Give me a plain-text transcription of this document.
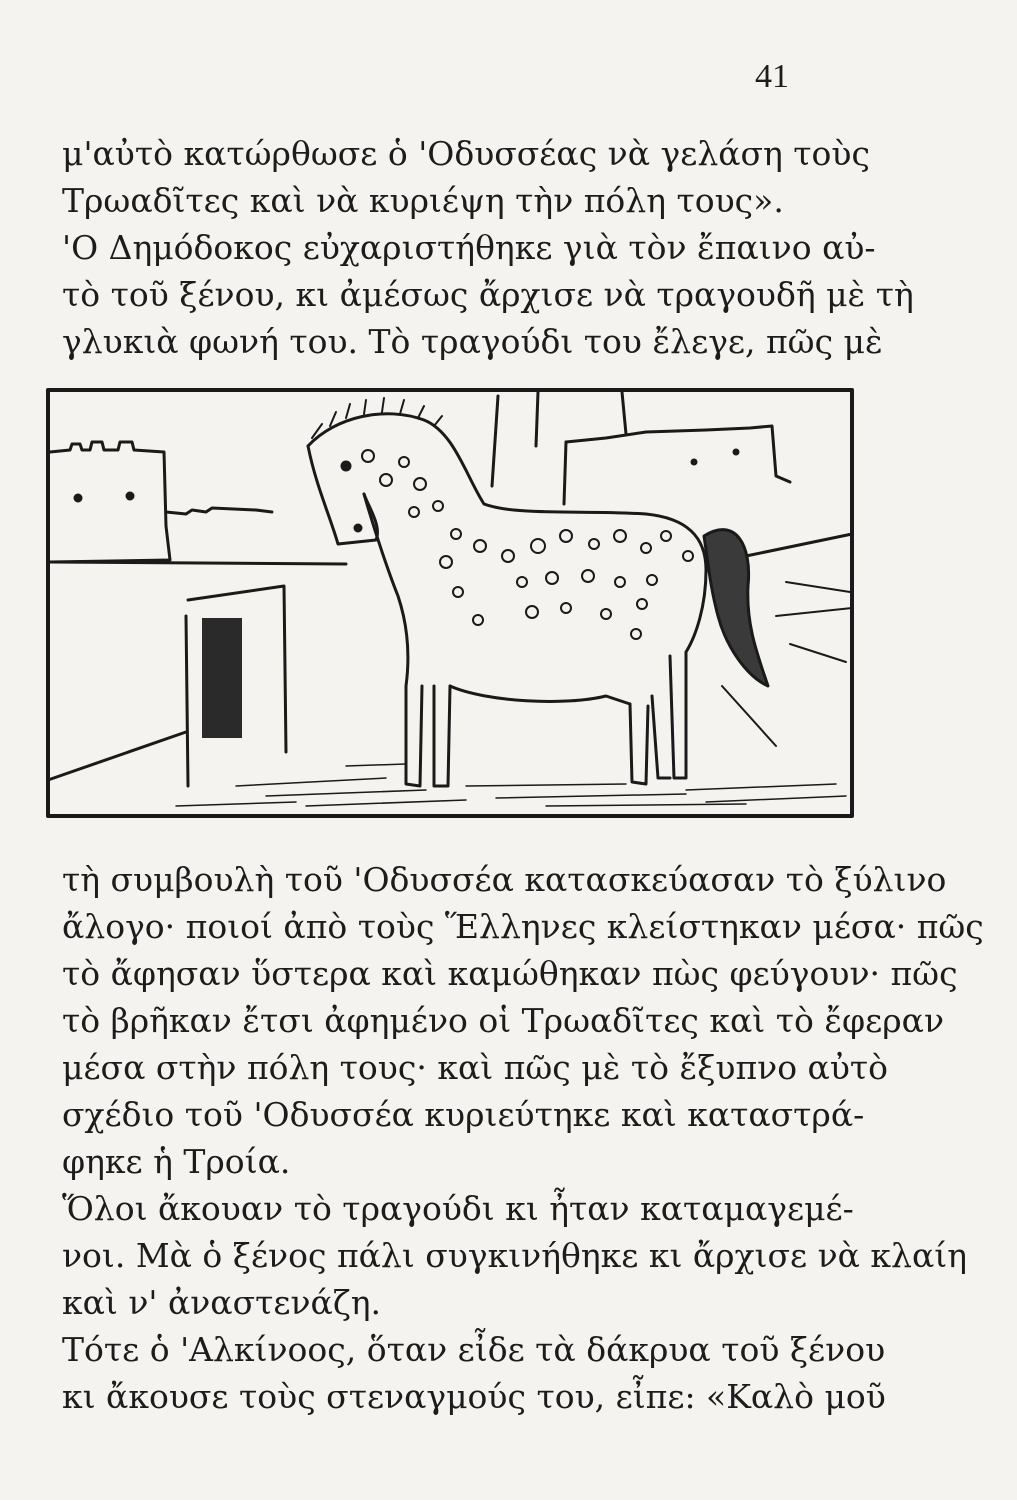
41
μ'αὐτὸ κατώρθωσε ὁ 'Οδυσσέας νὰ γελάση τοὺς
Τρωαδῖτες καὶ νὰ κυριέψη τὴν πόλη τους».
'Ο Δημόδοκος εὐχαριστήθηκε γιὰ τὸν ἔπαινο αὐ-
τὸ τοῦ ξένου, κι ἀμέσως ἄρχισε νὰ τραγουδῆ μὲ τὴ
γλυκιὰ φωνή του. Τὸ τραγούδι του ἔλεγε, πῶς μὲ
τὴ συμβουλὴ τοῦ 'Οδυσσέα κατασκεύασαν τὸ ξύλινο
ἄλογο· ποιοί ἀπὸ τοὺς Ἕλληνες κλείστηκαν μέσα· πῶς
τὸ ἄφησαν ὕστερα καὶ καμώθηκαν πὼς φεύγουν· πῶς
τὸ βρῆκαν ἔτσι ἀφημένο οἱ Τρωαδῖτες καὶ τὸ ἔφεραν
μέσα στὴν πόλη τους· καὶ πῶς μὲ τὸ ἔξυπνο αὐτὸ
σχέδιο τοῦ 'Οδυσσέα κυριεύτηκε καὶ καταστρά-
φηκε ἡ Τροία.
Ὅλοι ἄκουαν τὸ τραγούδι κι ἦταν καταμαγεμέ-
νοι. Μὰ ὁ ξένος πάλι συγκινήθηκε κι ἄρχισε νὰ κλαίη
καὶ ν' ἀναστενάζη.
Τότε ὁ 'Αλκίνοος, ὅταν εἶδε τὰ δάκρυα τοῦ ξένου
κι ἄκουσε τοὺς στεναγμούς του, εἶπε: «Καλὸ μοῦ
